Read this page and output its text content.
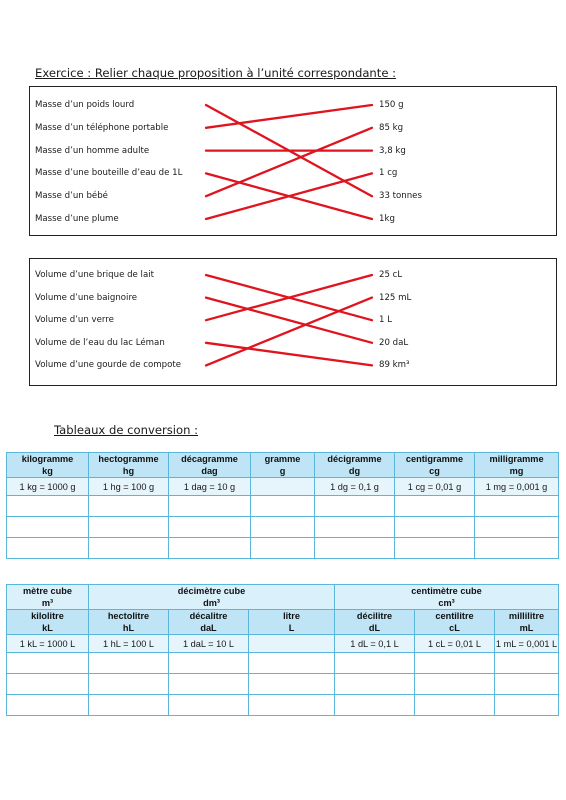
Exercice : Relier chaque proposition à l’unité correspondante :
Masse d’un poids lourd
Masse d’un téléphone portable
Masse d’un homme adulte
Masse d’une bouteille d’eau de 1L
Masse d’un bébé
Masse d’une plume
150 g
85 kg
3,8 kg
1 cg
33 tonnes
1kg
Volume d’une brique de lait
Volume d’une baignoire
Volume d’un verre
Volume de l’eau du lac Léman
Volume d’une gourde de compote
25 cL
125 mL
1 L
20 daL
89 km³
Tableaux de conversion :
kilogramme
kg	hectogramme
hg	décagramme
dag	gramme
g	décigramme
dg	centigramme
cg	milligramme
mg

1 kg = 1000 g	1 hg = 100 g	1 dag = 10 g		1 dg = 0,1 g	1 cg = 0,01 g	1 mg = 0,001 g

mètre cube
m³	décimètre cube
dm³			centimètre cube
cm³		

kilolitre
kL	hectolitre
hL	décalitre
daL	litre
L	décilitre
dL	centilitre
cL	millilitre
mL

1 kL = 1000 L	1 hL = 100 L	1 daL = 10 L		1 dL = 0,1 L	1 cL = 0,01 L	1 mL = 0,001 L
